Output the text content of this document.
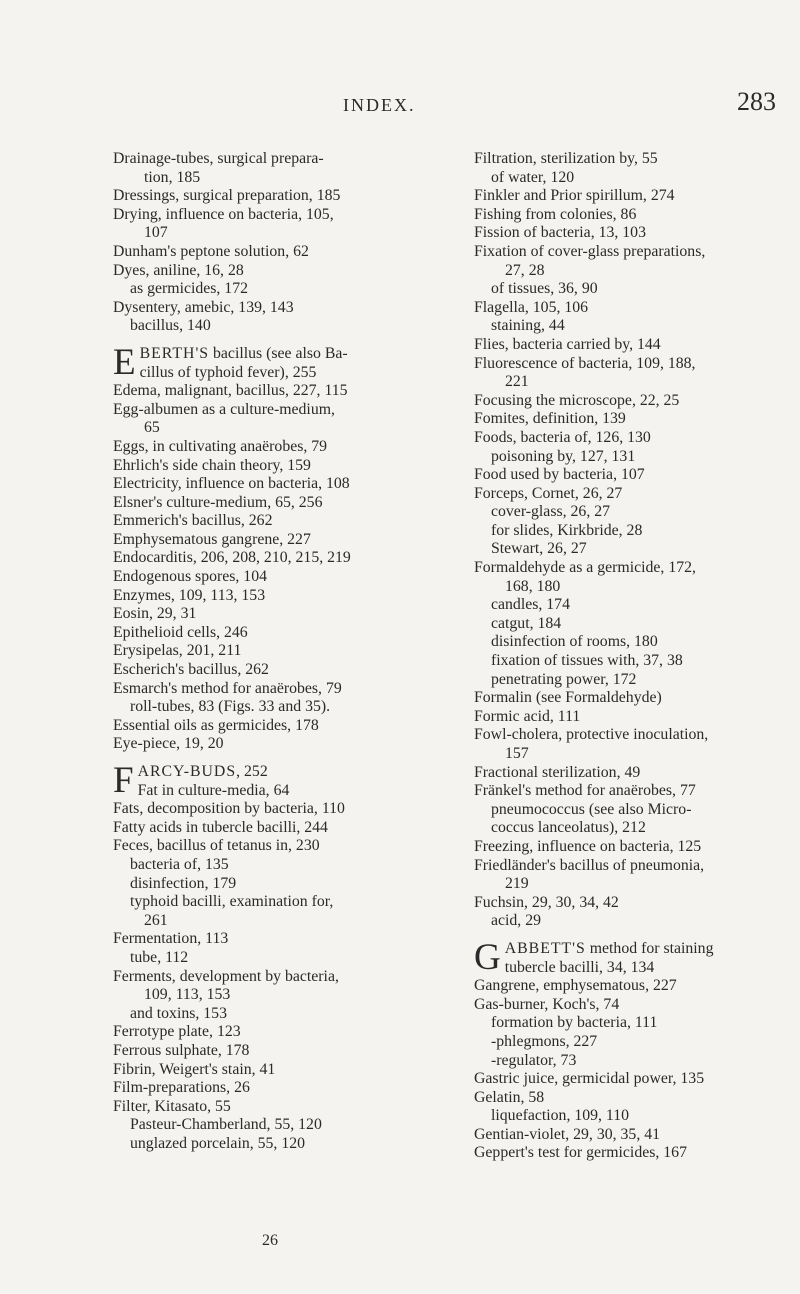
INDEX.	283
Drainage-tubes, surgical prepara-
tion, 185
Dressings, surgical preparation, 185
Drying, influence on bacteria, 105,
107
Dunham's peptone solution, 62
Dyes, aniline, 16, 28
as germicides, 172
Dysentery, amebic, 139, 143
bacillus, 140
EBERTH'S bacillus (see also Ba-
cillus of typhoid fever), 255
Edema, malignant, bacillus, 227, 115
Egg-albumen as a culture-medium,
65
Eggs, in cultivating anaërobes, 79
Ehrlich's side chain theory, 159
Electricity, influence on bacteria, 108
Elsner's culture-medium, 65, 256
Emmerich's bacillus, 262
Emphysematous gangrene, 227
Endocarditis, 206, 208, 210, 215, 219
Endogenous spores, 104
Enzymes, 109, 113, 153
Eosin, 29, 31
Epithelioid cells, 246
Erysipelas, 201, 211
Escherich's bacillus, 262
Esmarch's method for anaërobes, 79
roll-tubes, 83 (Figs. 33 and 35).
Essential oils as germicides, 178
Eye-piece, 19, 20
FARCY-BUDS, 252
Fat in culture-media, 64
Fats, decomposition by bacteria, 110
Fatty acids in tubercle bacilli, 244
Feces, bacillus of tetanus in, 230
bacteria of, 135
disinfection, 179
typhoid bacilli, examination for,
261
Fermentation, 113
tube, 112
Ferments, development by bacteria,
109, 113, 153
and toxins, 153
Ferrotype plate, 123
Ferrous sulphate, 178
Fibrin, Weigert's stain, 41
Film-preparations, 26
Filter, Kitasato, 55
Pasteur-Chamberland, 55, 120
unglazed porcelain, 55, 120
Filtration, sterilization by, 55
of water, 120
Finkler and Prior spirillum, 274
Fishing from colonies, 86
Fission of bacteria, 13, 103
Fixation of cover-glass preparations,
27, 28
of tissues, 36, 90
Flagella, 105, 106
staining, 44
Flies, bacteria carried by, 144
Fluorescence of bacteria, 109, 188,
221
Focusing the microscope, 22, 25
Fomites, definition, 139
Foods, bacteria of, 126, 130
poisoning by, 127, 131
Food used by bacteria, 107
Forceps, Cornet, 26, 27
cover-glass, 26, 27
for slides, Kirkbride, 28
Stewart, 26, 27
Formaldehyde as a germicide, 172,
168, 180
candles, 174
catgut, 184
disinfection of rooms, 180
fixation of tissues with, 37, 38
penetrating power, 172
Formalin (see Formaldehyde)
Formic acid, 111
Fowl-cholera, protective inoculation,
157
Fractional sterilization, 49
Fränkel's method for anaërobes, 77
pneumococcus (see also Micro-
coccus lanceolatus), 212
Freezing, influence on bacteria, 125
Friedländer's bacillus of pneumonia,
219
Fuchsin, 29, 30, 34, 42
acid, 29
GABBETT'S method for staining
tubercle bacilli, 34, 134
Gangrene, emphysematous, 227
Gas-burner, Koch's, 74
formation by bacteria, 111
-phlegmons, 227
-regulator, 73
Gastric juice, germicidal power, 135
Gelatin, 58
liquefaction, 109, 110
Gentian-violet, 29, 30, 35, 41
Geppert's test for germicides, 167
26
